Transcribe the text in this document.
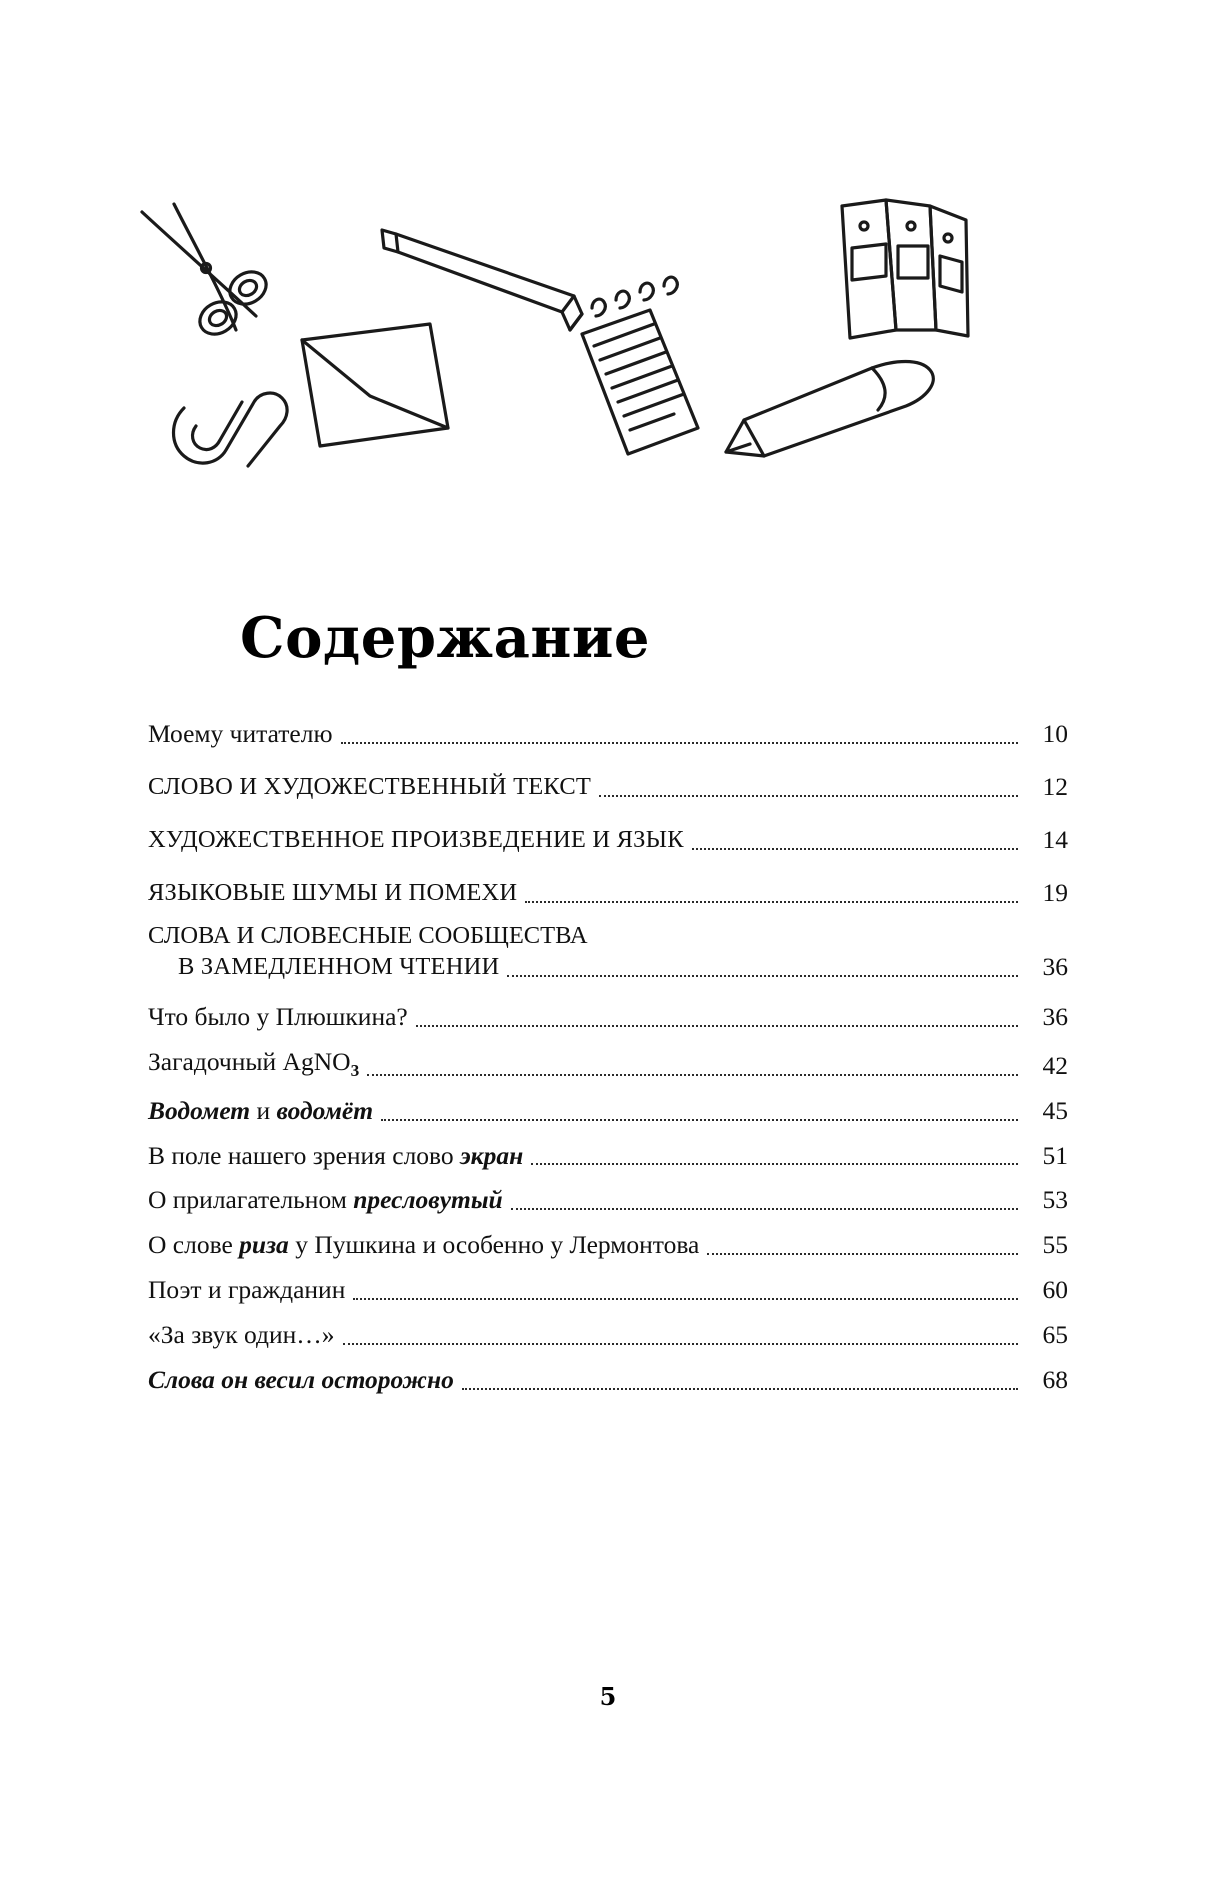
Содержание
Моему читателю	10
СЛОВО И ХУДОЖЕСТВЕННЫЙ ТЕКСТ	12
ХУДОЖЕСТВЕННОЕ ПРОИЗВЕДЕНИЕ И ЯЗЫК	14
ЯЗЫКОВЫЕ ШУМЫ И ПОМЕХИ	19
СЛОВА И СЛОВЕСНЫЕ СООБЩЕСТВА
В ЗАМЕДЛЕННОМ ЧТЕНИИ	36
Что было у Плюшкина?	36
Загадочный AgNO$_3$	42
Водомет и водомёт	45
В поле нашего зрения слово экран	51
О прилагательном пресловутый	53
О слове риза у Пушкина и особенно у Лермонтова	55
Поэт и гражданин	60
«За звук один…»	65
Слова он весил осторожно	68
5
